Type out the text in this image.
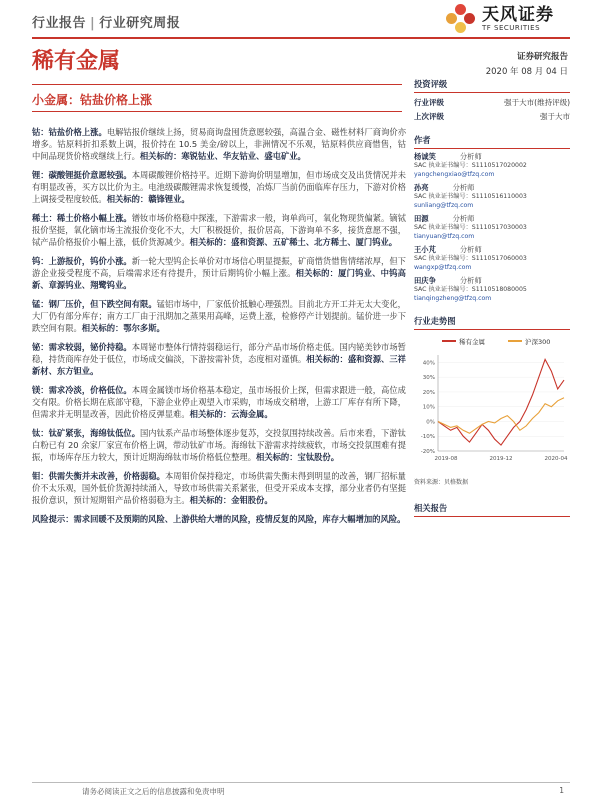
行业报告 | 行业研究周报	天风证券
TF SECURITIES
稀有金属	证券研究报告
2020 年 08 月 04 日
小金属：钴盐价格上涨

钴：钴盐价格上涨。电解钴报价继续上扬，贸易商询盘囤货意愿较强，高温合金、磁性材料厂商询价亦增多。钴原料折扣系数上调，报价持在 10.5 美金/磅以上，非洲情况不乐观，钴原料供应商惜售，钴中间品现货价格或继续上行。相关标的：寒锐钴业、华友钴业、盛屯矿业。

锂：碳酸锂挺价意愿较强。本周碳酸锂价格持平。近期下游询价明显增加，但市场成交及出货情况并未有明显改善，买方以比价为主。电池级碳酸锂需求恢复缓慢，冶炼厂当前仍面临库存压力，下游对价格上调接受程度较低。相关标的：赣锋锂业。

稀土：稀土价格小幅上涨。镨钕市场价格稳中探涨，下游需求一般，询单尚可，氧化物现货偏紧。镝铽报价坚挺，氧化镝市场主流报价变化不大，大厂积极挺价，报价居高，下游询单不多，接货意愿不强，铽产品价格报价小幅上涨，低价货源减少。相关标的：盛和资源、五矿稀土、北方稀土、厦门钨业。

钨：上游报价，钨价小涨。新一轮大型钨企长单价对市场信心明显提振，矿商惜货惜售情绪浓厚，但下游企业接受程度不高，后端需求还有待提升，预计后期钨价小幅上涨。相关标的：厦门钨业、中钨高新、章源钨业、翔鹭钨业。

锰：钢厂压价，但下跌空间有限。锰铝市场中，厂家低价抵触心理强烈。目前北方开工并无太大变化，大厂仍有部分库存；南方工厂由于汛期加之蒸果用高峰，运费上涨，检修停产计划提前。锰价进一步下跌空间有限。相关标的：鄂尔多斯。

铋：需求较弱，铋价持稳。本周铋市整体行情持弱稳运行，部分产品市场价格走低。国内铋美钞市场暂稳，持货商库存处于低位，市场成交偏淡，下游按需补货，态度相对谨慎。相关标的：盛和资源、三祥新材、东方钽业。

镁：需求冷淡，价格低位。本周金属镁市场价格基本稳定，虽市场报价上探，但需求跟进一般，高位成交有限。价格长期在底部守稳，下游企业停止观望入市采购，市场成交稍增，上游工厂库存有所下降，但需求并无明显改善，因此价格反弹显难。相关标的：云海金属。

钛：钛矿紧张，海绵钛低位。国内钛系产品市场整体逐步复苏，交投氛围持续改善。后市来看，下游钛白粉已有 20 余家厂家宣布价格上调，带动钛矿市场。海绵钛下游需求持续疲软，市场交投氛围难有提振，市场库存压力较大，预计近期海绵钛市场价格低位整理。相关标的：宝钛股份。

钼：供需失衡并未改善，价格弱稳。本周钼价保持稳定，市场供需失衡未得到明显的改善，钢厂招标量价不太乐观，国外低价货源持续涌入，导致市场供需关系紧张，但受开采成本支撑，部分业者仍有坚挺报价意识，预计短期钼产品价格弱稳为主。相关标的：金钼股份。

风险提示：需求回暖不及预期的风险、上游供给大增的风险，疫情反复的风险，库存大幅增加的风险。

投资评级
行业评级	强于大市(维持评级)
上次评级	强于大市
作者
杨诚笑	分析师
SAC 执业证书编号：S1110517020002
yangchengxiao@tfzq.com
孙亮	分析师
SAC 执业证书编号：S1110516110003
sunliang@tfzq.com
田源	分析师
SAC 执业证书编号：S1110517030003
tianyuan@tfzq.com
王小芃	分析师
SAC 执业证书编号：S1110517060003
wangxp@tfzq.com
田庆争	分析师
SAC 执业证书编号：S1110518080005
tianqingzheng@tfzq.com
行业走势图
稀有金属	沪深300
40%
30%
20%
10%
0%
-10%
-20%
2019-08	2019-12	2020-04
资料来源：贝格数据
相关报告
请务必阅读正文之后的信息披露和免责申明	1
